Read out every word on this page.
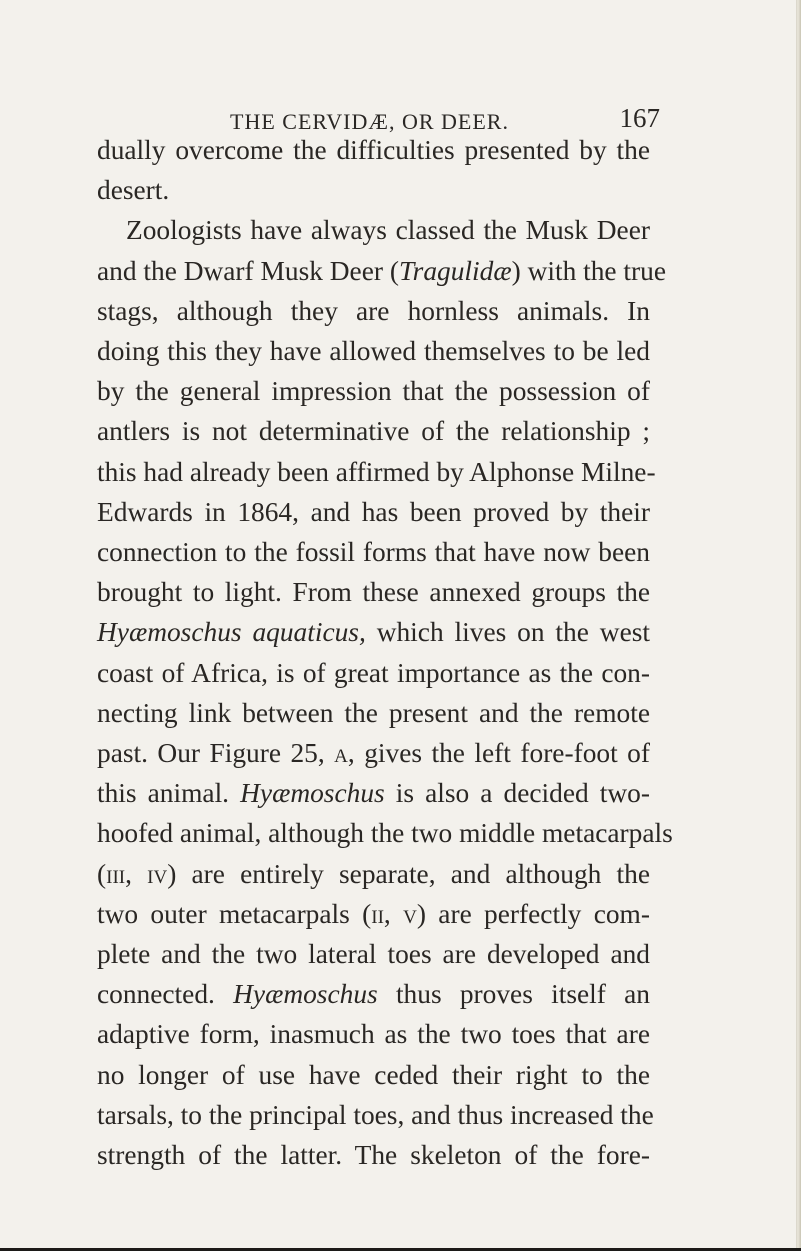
THE CERVIDÆ, OR DEER.	167
dually overcome the difficulties presented by the
desert.
Zoologists have always classed the Musk Deer
and the Dwarf Musk Deer (Tragulidæ) with the true
stags, although they are hornless animals. In
doing this they have allowed themselves to be led
by the general impression that the possession of
antlers is not determinative of the relationship ;
this had already been affirmed by Alphonse Milne-
Edwards in 1864, and has been proved by their
connection to the fossil forms that have now been
brought to light. From these annexed groups the
Hyæmoschus aquaticus, which lives on the west
coast of Africa, is of great importance as the con-
necting link between the present and the remote
past. Our Figure 25, a, gives the left fore-foot of
this animal. Hyæmoschus is also a decided two-
hoofed animal, although the two middle metacarpals
(iii, iv) are entirely separate, and although the
two outer metacarpals (ii, v) are perfectly com-
plete and the two lateral toes are developed and
connected. Hyæmoschus thus proves itself an
adaptive form, inasmuch as the two toes that are
no longer of use have ceded their right to the
tarsals, to the principal toes, and thus increased the
strength of the latter. The skeleton of the fore-
